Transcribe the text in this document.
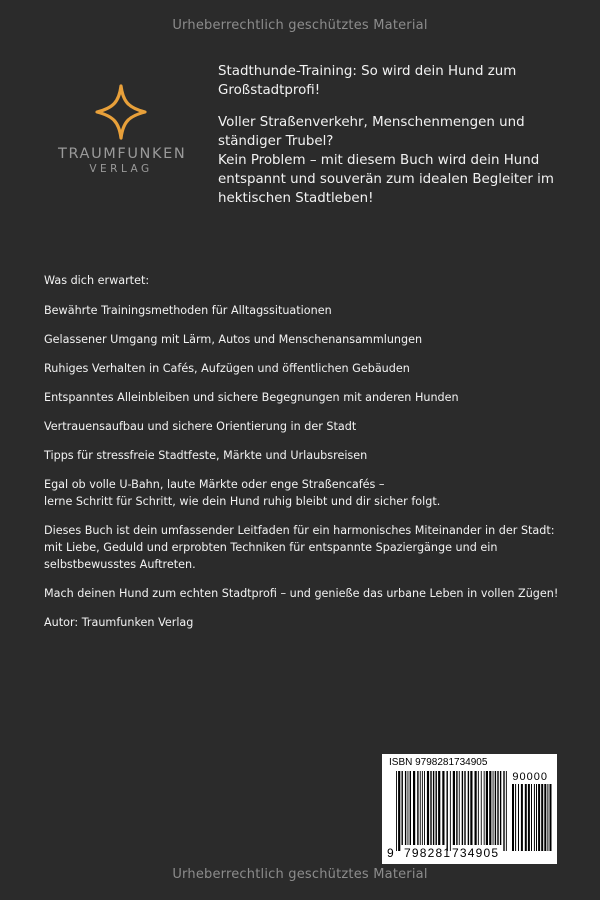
Urheberrechtlich geschütztes Material
TRAUMFUNKEN
VERLAG

Stadthunde-Training: So wird dein Hund zum Großstadtprofi!

Voller Straßenverkehr, Menschenmengen und ständiger Trubel?

Kein Problem – mit diesem Buch wird dein Hund entspannt und souverän zum idealen Begleiter im hektischen Stadtleben!

Was dich erwartet:

Bewährte Trainingsmethoden für Alltagssituationen

Gelassener Umgang mit Lärm, Autos und Menschenansammlungen

Ruhiges Verhalten in Cafés, Aufzügen und öffentlichen Gebäuden

Entspanntes Alleinbleiben und sichere Begegnungen mit anderen Hunden

Vertrauensaufbau und sichere Orientierung in der Stadt

Tipps für stressfreie Stadtfeste, Märkte und Urlaubsreisen

Egal ob volle U-Bahn, laute Märkte oder enge Straßencafés –
lerne Schritt für Schritt, wie dein Hund ruhig bleibt und dir sicher folgt.

Dieses Buch ist dein umfassender Leitfaden für ein harmonisches Miteinander in der Stadt:
mit Liebe, Geduld und erprobten Techniken für entspannte Spaziergänge und ein selbstbewusstes Auftreten.

Mach deinen Hund zum echten Stadtprofi – und genieße das urbane Leben in vollen Zügen!

Autor: Traumfunken Verlag

ISBN 9798281734905
90000
9 798281 734905
Urheberrechtlich geschütztes Material
